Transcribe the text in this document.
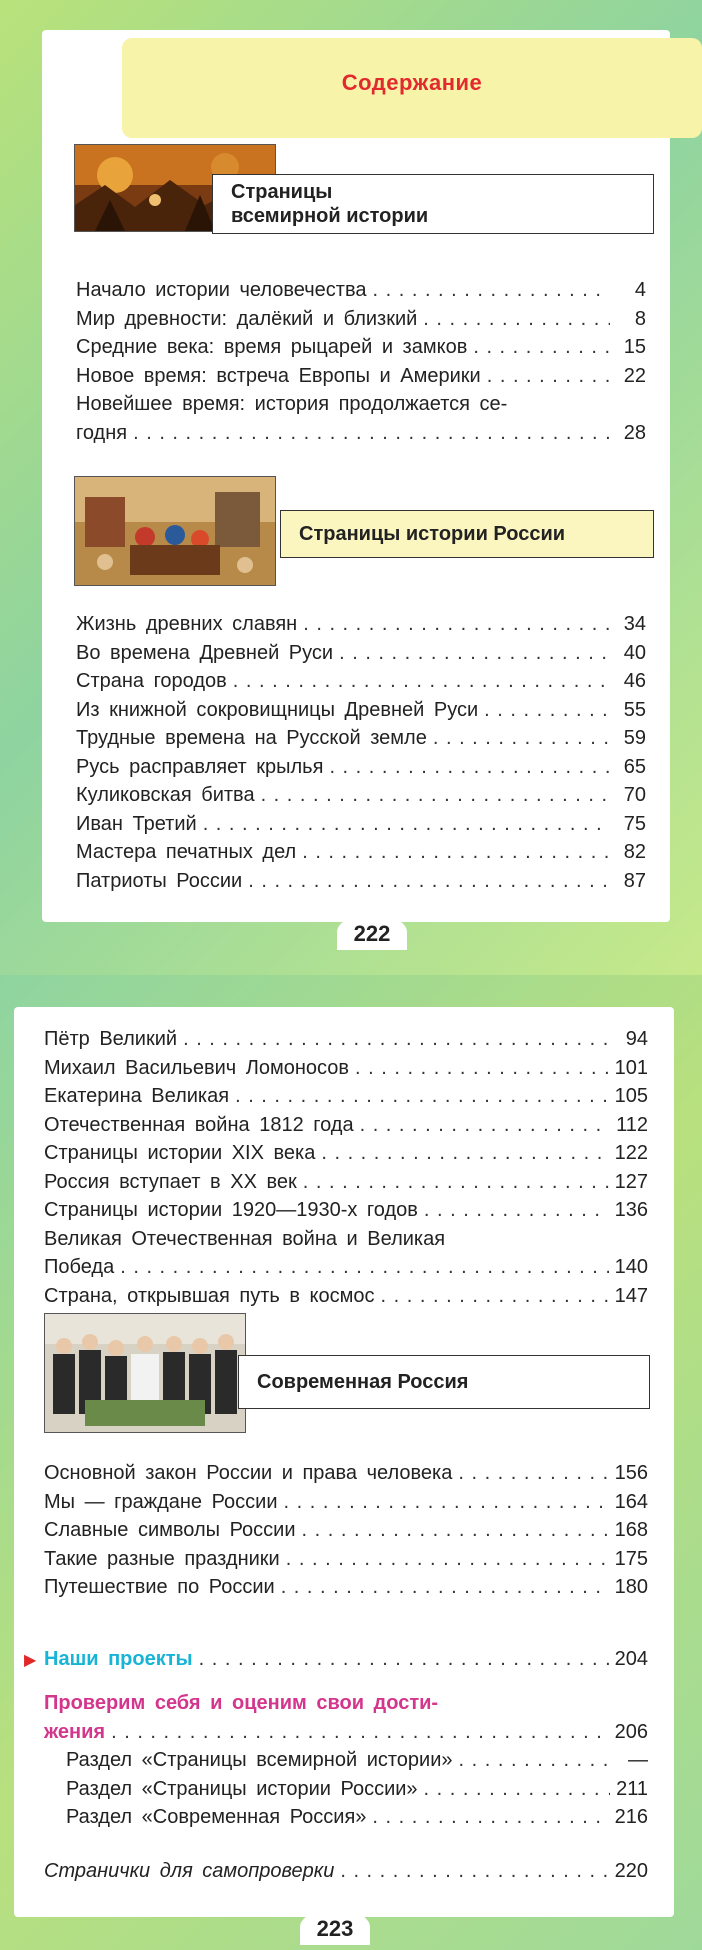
Содержание
Страницы
всемирной истории
Начало истории человечества . . .	4
Мир древности: далёкий и близкий . . .	8
Средние века: время рыцарей и замков . . .	15
Новое время: встреча Европы и Америки . . .	22
Новейшее время: история продолжается се-
годня . . .	28
Страницы истории России
Жизнь древних славян . . .	34
Во времена Древней Руси . . .	40
Страна городов . . .	46
Из книжной сокровищницы Древней Руси . . .	55
Трудные времена на Русской земле . . .	59
Русь расправляет крылья . . .	65
Куликовская битва . . .	70
Иван Третий . . .	75
Мастера печатных дел . . .	82
Патриоты России . . .	87
222
Пётр Великий . . .	94
Михаил Васильевич Ломоносов . . .	101
Екатерина Великая . . .	105
Отечественная война 1812 года . . .	112
Страницы истории XIX века . . .	122
Россия вступает в XX век . . .	127
Страницы истории 1920—1930-х годов . . .	136
Великая Отечественная война и Великая
Победа . . .	140
Страна, открывшая путь в космос . . .	147
Современная Россия
Основной закон России и права человека . . .	156
Мы — граждане России . . .	164
Славные символы России . . .	168
Такие разные праздники . . .	175
Путешествие по России . . .	180
▶ Наши проекты . . .	204
Проверим себя и оценим свои дости-
жения . . .	206
Раздел «Страницы всемирной истории» . . .	—
Раздел «Страницы истории России» . . .	211
Раздел «Современная Россия» . . .	216
Странички для самопроверки . . .	220
223
